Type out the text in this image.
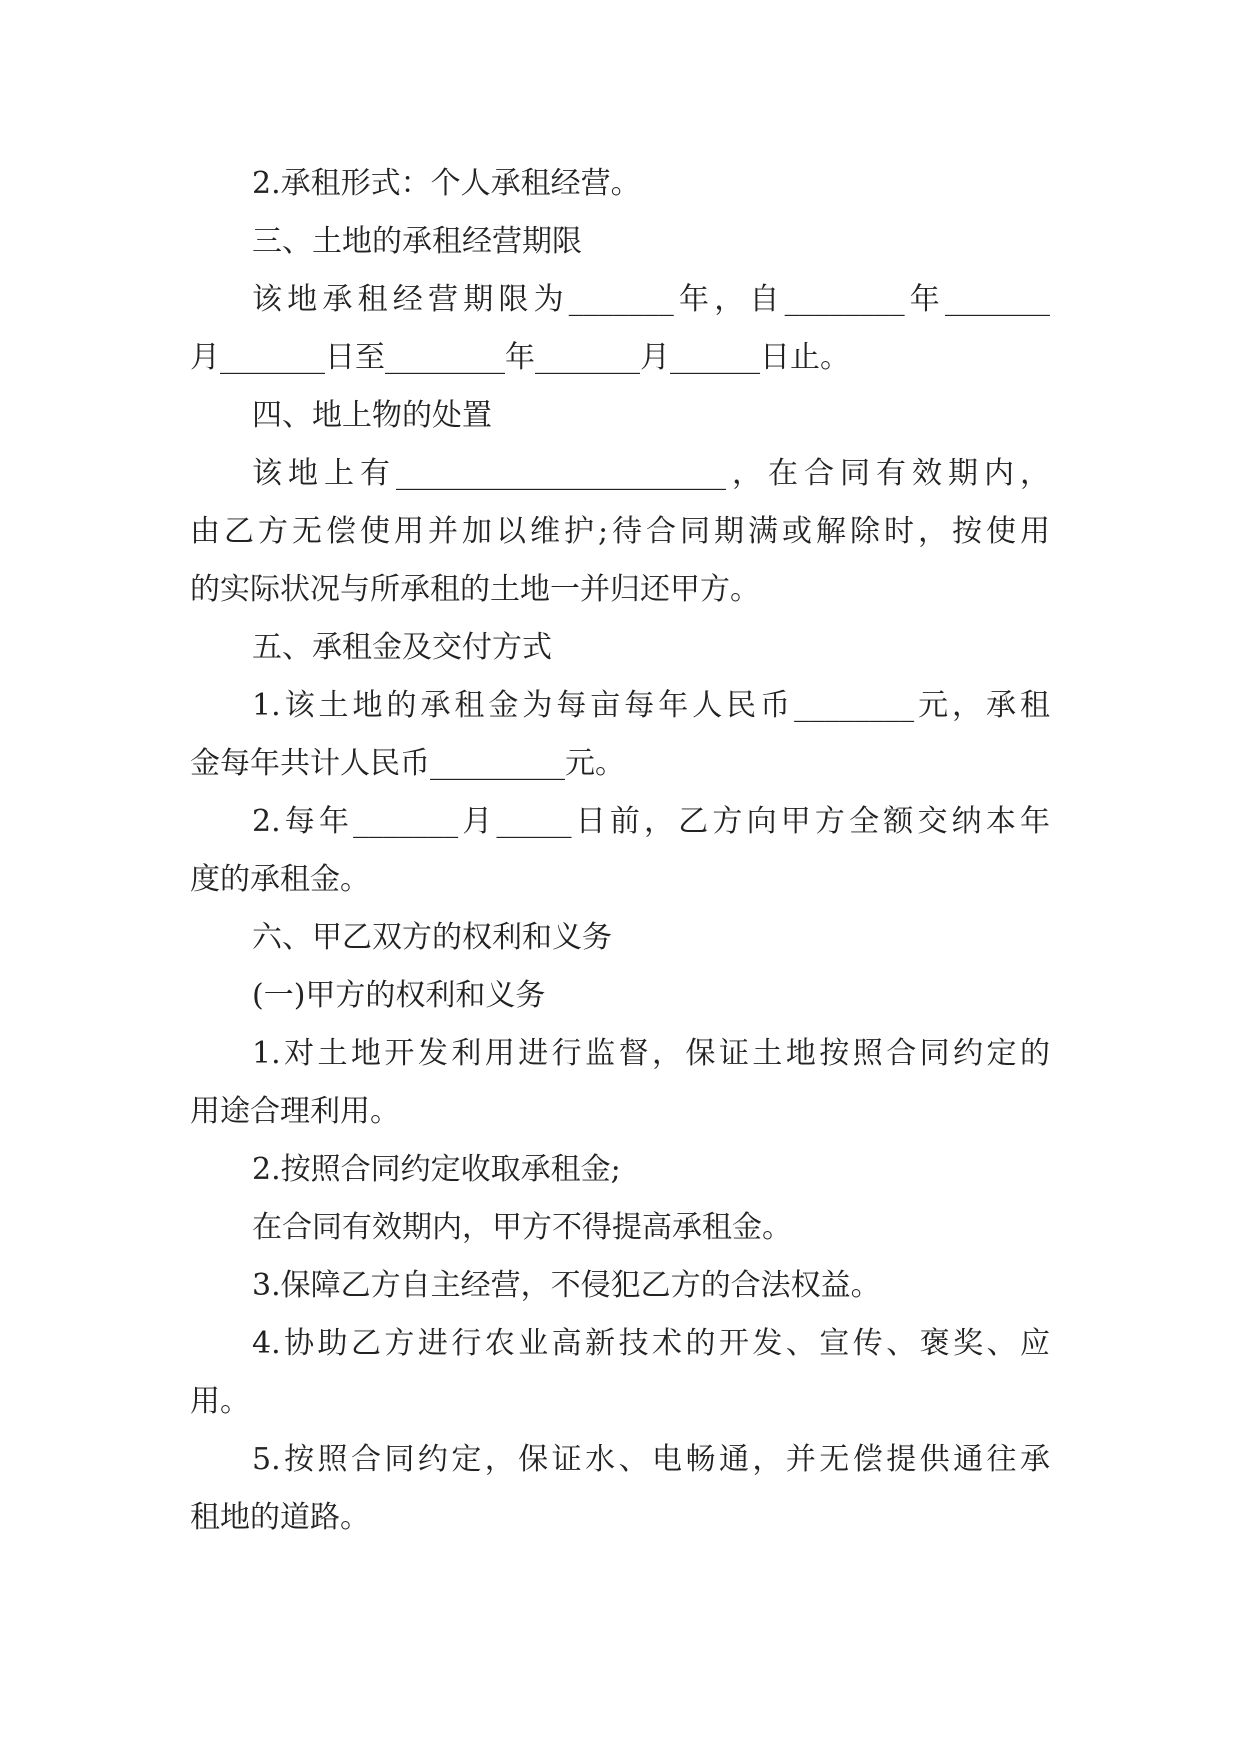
2.承租形式：个人承租经营。
三、土地的承租经营期限
该地承租经营期限为_______年，自________年_______
月_______日至________年_______月______日止。
四、地上物的处置
该地上有______________________，在合同有效期内，
由乙方无偿使用并加以维护;待合同期满或解除时，按使用
的实际状况与所承租的土地一并归还甲方。
五、承租金及交付方式
1.该土地的承租金为每亩每年人民币________元，承租
金每年共计人民币_________元。
2.每年_______月_____日前，乙方向甲方全额交纳本年
度的承租金。
六、甲乙双方的权利和义务
(一)甲方的权利和义务
1.对土地开发利用进行监督，保证土地按照合同约定的
用途合理利用。
2.按照合同约定收取承租金;
在合同有效期内，甲方不得提高承租金。
3.保障乙方自主经营，不侵犯乙方的合法权益。
4.协助乙方进行农业高新技术的开发、宣传、褒奖、应
用。
5.按照合同约定，保证水、电畅通，并无偿提供通往承
租地的道路。
